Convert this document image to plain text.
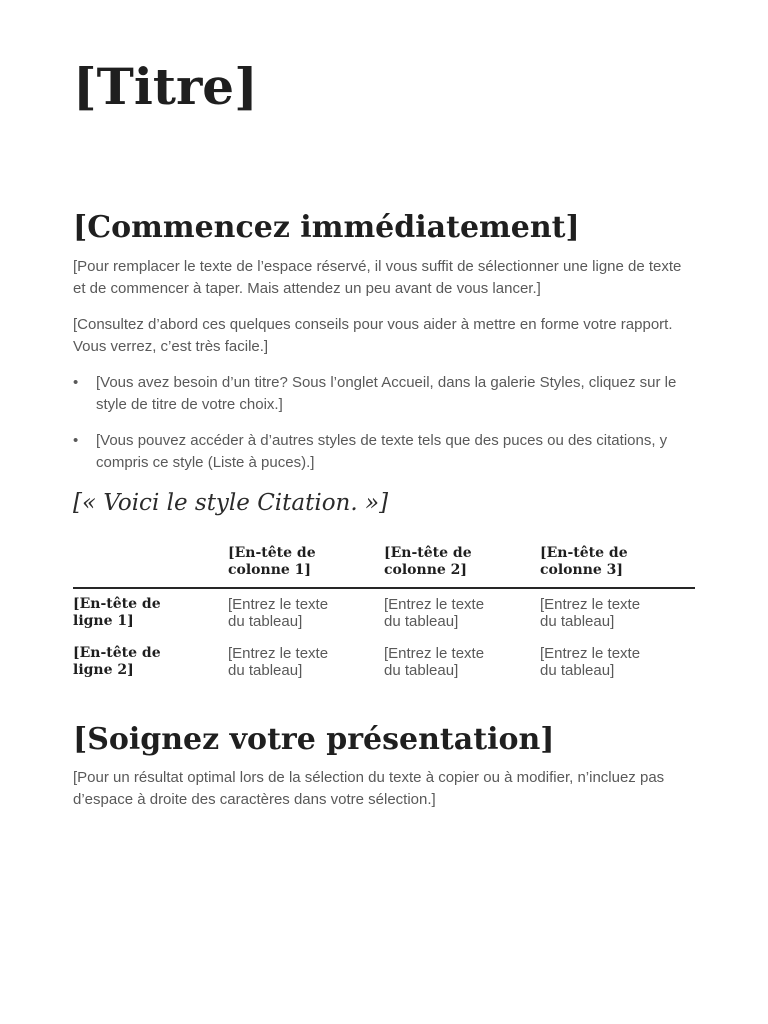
[Titre]
[Commencez immédiatement]

[Pour remplacer le texte de l’espace réservé, il vous suffit de sélectionner une ligne de texte et de commencer à taper. Mais attendez un peu avant de vous lancer.]

[Consultez d’abord ces quelques conseils pour vous aider à mettre en forme votre rapport. Vous verrez, c’est très facile.]

• [Vous avez besoin d’un titre? Sous l’onglet Accueil, dans la galerie Styles, cliquez sur le style de titre de votre choix.]
• [Vous pouvez accéder à d’autres styles de texte tels que des puces ou des citations, y compris ce style (Liste à puces).]

[« Voici le style Citation. »]

	[En-tête de colonne 1]	[En-tête de colonne 2]	[En-tête de colonne 3]

[En-tête de ligne 1]	[Entrez le texte du tableau]	[Entrez le texte du tableau]	[Entrez le texte du tableau]

[En-tête de ligne 2]	[Entrez le texte du tableau]	[Entrez le texte du tableau]	[Entrez le texte du tableau]
[Soignez votre présentation]

[Pour un résultat optimal lors de la sélection du texte à copier ou à modifier, n’incluez pas d’espace à droite des caractères dans votre sélection.]
